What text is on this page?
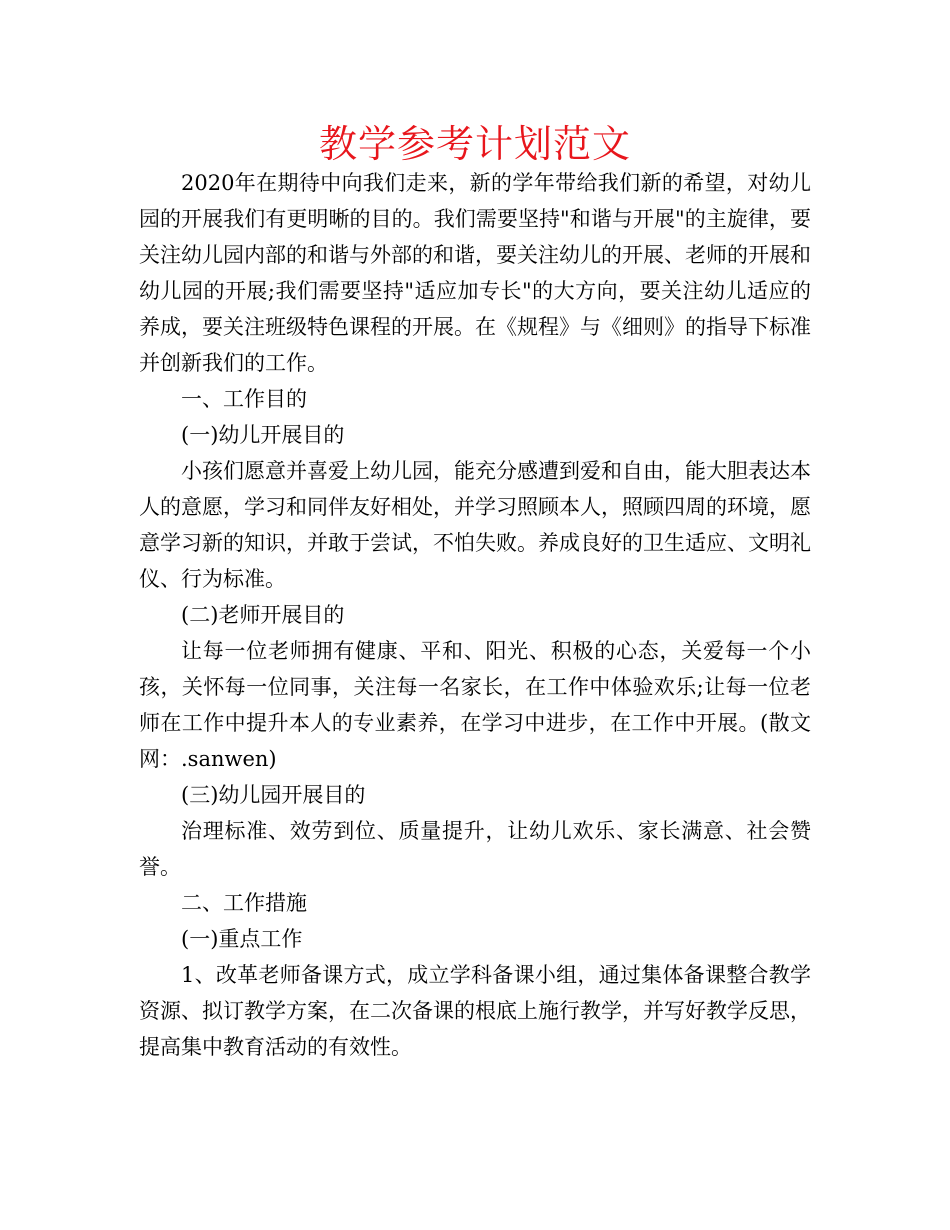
教学参考计划范文

2020年在期待中向我们走来，新的学年带给我们新的希望，对幼儿园的开展我们有更明晰的目的。我们需要坚持"和谐与开展"的主旋律，要关注幼儿园内部的和谐与外部的和谐，要关注幼儿的开展、老师的开展和幼儿园的开展;我们需要坚持"适应加专长"的大方向，要关注幼儿适应的养成，要关注班级特色课程的开展。在《规程》与《细则》的指导下标准并创新我们的工作。

一、工作目的

(一)幼儿开展目的

小孩们愿意并喜爱上幼儿园，能充分感遭到爱和自由，能大胆表达本人的意愿，学习和同伴友好相处，并学习照顾本人，照顾四周的环境，愿意学习新的知识，并敢于尝试，不怕失败。养成良好的卫生适应、文明礼仪、行为标准。

(二)老师开展目的

让每一位老师拥有健康、平和、阳光、积极的心态，关爱每一个小孩，关怀每一位同事，关注每一名家长，在工作中体验欢乐;让每一位老师在工作中提升本人的专业素养，在学习中进步，在工作中开展。(散文网：.sanwen)

(三)幼儿园开展目的

治理标准、效劳到位、质量提升，让幼儿欢乐、家长满意、社会赞誉。

二、工作措施

(一)重点工作

1、改革老师备课方式，成立学科备课小组，通过集体备课整合教学资源、拟订教学方案，在二次备课的根底上施行教学，并写好教学反思，提高集中教育活动的有效性。
